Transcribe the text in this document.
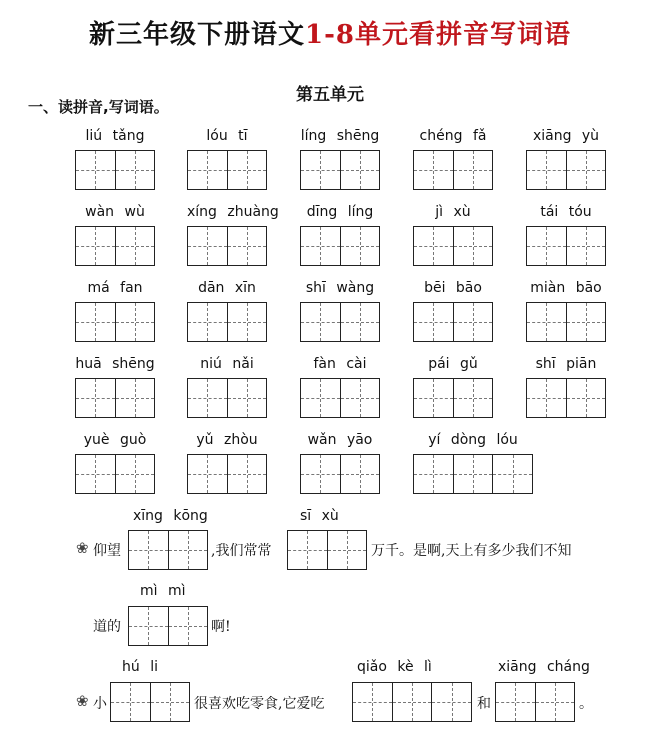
新三年级下册语文1-8单元看拼音写词语
第五单元
一、读拼音,写词语。
liú tǎng	lóu tī	líng shēng	chéng fǎ	xiāng yù
wàn wù	xíng zhuàng	dīng líng	jì xù	tái tóu
má fan	dān xīn	shī wàng	bēi bāo	miàn bāo
huā shēng	niú nǎi	fàn cài	pái gǔ	shī piān
yuè guò	yǔ zhòu	wǎn yāo	yí dòng lóu
xīng kōng	sī xù
❀ 仰望	,我们常常	万千。是啊,天上有多少我们不知
mì mì
道的	啊!
hú li	qiǎo kè lì	xiāng cháng
❀ 小	很喜欢吃零食,它爱吃	和	。
